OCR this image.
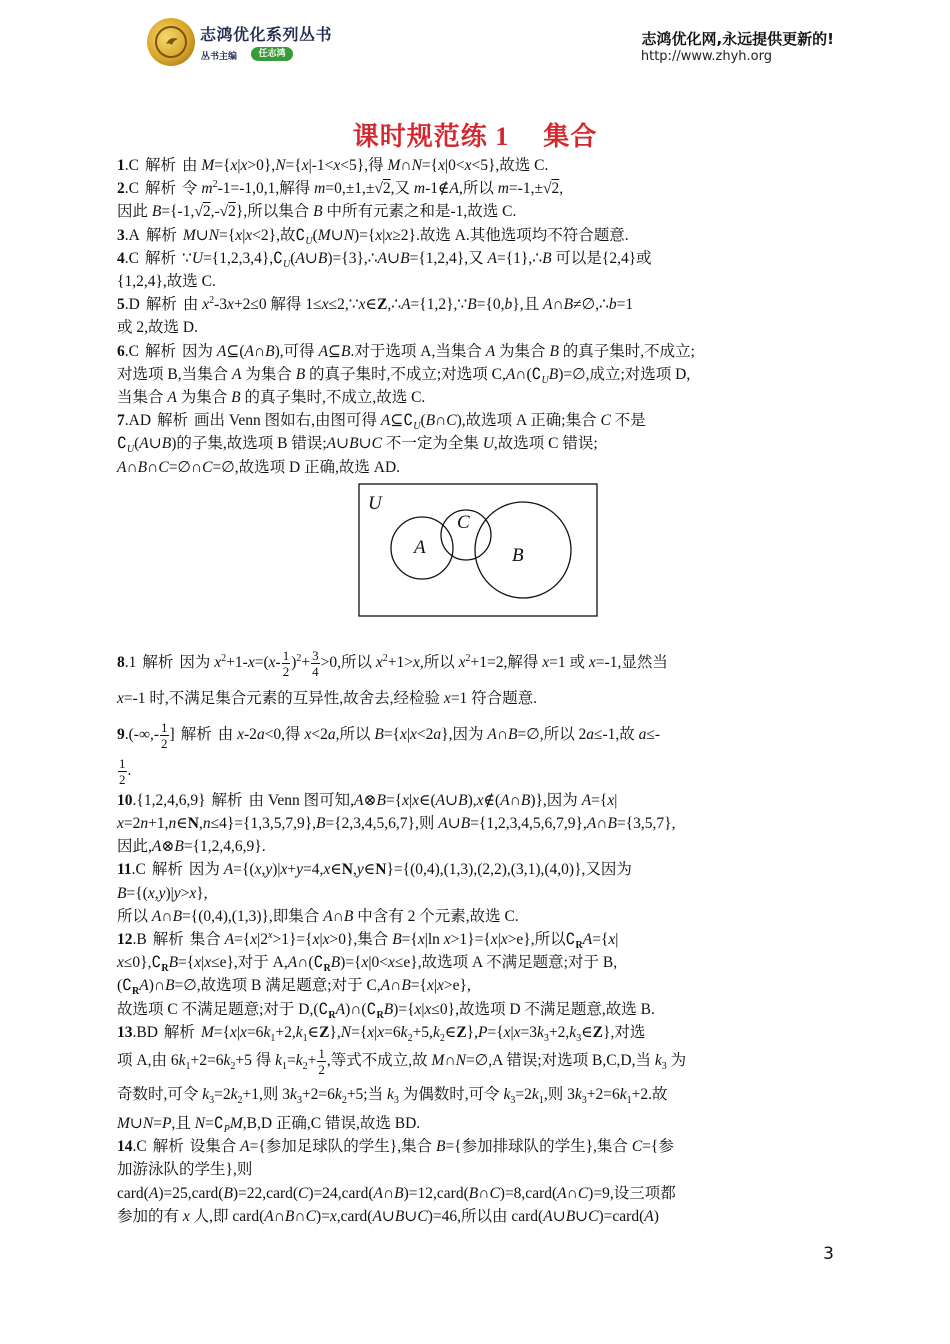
志鸿优化系列丛书
丛书主编	任志鸿
志鸿优化网,永远提供更新的!
http://www.zhyh.org
课时规范练 1 集合

1.C 解析 由 M={x|x>0},N={x|-1<x<5},得 M∩N={x|0<x<5},故选 C.

2.C 解析 令 $m^2-1=-1,0,1$,解得 m=0,±1,±√2,又 m-1∉A,所以 m=-1,±√2,
因此 B={-1,√2,-√2},所以集合 B 中所有元素之和是-1,故选 C.

3.A 解析 M∪N={x|x<2},故$∁_U(M\cup N)=\{x|x\ge 2\}$.故选 A.其他选项均不符合题意.

4.C 解析 $\because U=\{1,2,3,4\},∁_U(A\cup B)=\{3\},\therefore A\cup B=\{1,2,4\}$,又 A={1},∴B 可以是{2,4}或
{1,2,4},故选 C.

5.D 解析 由 $x^2-3x+2\le 0$ 解得 1≤x≤2,∵x∈Z,∴A={1,2},∵B={0,b},且 A∩B≠∅,∴b=1
或 2,故选 D.

6.C 解析 因为 A⊆(A∩B),可得 A⊆B.对于选项 A,当集合 A 为集合 B 的真子集时,不成立;
对选项 B,当集合 A 为集合 B 的真子集时,不成立;对选项 $C,A\cap(∁_UB)=\emptyset$,成立;对选项 D,
当集合 A 为集合 B 的真子集时,不成立,故选 C.

7.AD 解析 画出 Venn 图如右,由图可得 $A⊆∁_U(B\cap C)$,故选项 A 正确;集合 C 不是
$∁_U(A\cup B)$的子集,故选项 B 错误;A∪B∪C 不一定为全集 U,故选项 C 错误;
A∩B∩C=∅∩C=∅,故选项 D 正确,故选 AD.

U
A
C
B

8.1 解析 因为 $x^2+1-x=(x- \frac{1}{2} )^2+ \frac{3}{4} >0$,所以 $x^2+1>x$,所以 $x^2+1=2$,解得 x=1 或 x=-1,显然当
x=-1 时,不满足集合元素的互异性,故舍去,经检验 x=1 符合题意.

$9.(-\infty,- \frac{1}{2}$ ] 解析 由 x-2a<0,得 x<2a,所以 B={x|x<2a},因为 A∩B=∅,所以 2a≤-1,故 a≤-

$\frac{1}{2}$ .

10.{1,2,4,6,9} 解析 由 Venn 图可知,A⊗B={x|x∈(A∪B),x∉(A∩B)},因为 A={x|
x=2n+1,n∈N,n≤4}={1,3,5,7,9},B={2,3,4,5,6,7},则 A∪B={1,2,3,4,5,6,7,9},A∩B={3,5,7},
因此,A⊗B={1,2,4,6,9}.

11.C 解析 因为 A={(x,y)|x+y=4,x∈N,y∈N}={(0,4),(1,3),(2,2),(3,1),(4,0)},又因为
B={(x,y)|y>x},
所以 A∩B={(0,4),(1,3)},即集合 A∩B 中含有 2 个元素,故选 C.

12.B 解析 集合 $A=\{x|2^x>1\}=\{x|x>0\}$,集合 B={x|ln x>1}={x|x>e},所以$∁_RA=\{x|$
$x\le 0\},∁_RB=\{x|x\le e\}$,对于 $A,A\cap(∁_RB)=\{x|0<x\le e\}$,故选项 A 不满足题意;对于 B,
$(∁_RA)\cap B=\emptyset$,故选项 B 满足题意;对于 C,A∩B={x|x>e},
故选项 C 不满足题意;对于 $D,(∁_RA)\cap(∁_RB)=\{x|x\le 0\}$,故选项 D 不满足题意,故选 B.

13.BD 解析 $M=\{x|x=6k_1+2,k_1\in Z\},N=\{x|x=6k_2+5,k_2\in Z\},P=\{x|x=3k_3+2,k_3\in Z\}$,对选
项 A,由 $6k_1+2=6k_2+5$ 得 $k_1=k_2+ \frac{1}{2}$ ,等式不成立,故 M∩N=∅,A 错误;对选项 B,C,D,当 $k_3$ 为
奇数时,可令 $k_3=2k_2+1$,则 $3k_3+2=6k_2+5$;当 $k_3$ 为偶数时,可令 $k_3=2k_1$,则 $3k_3+2=6k_1+2$.故
M∪N=P,且 $N=∁_PM,B,D$ 正确,C 错误,故选 BD.

14.C 解析 设集合 A={参加足球队的学生},集合 B={参加排球队的学生},集合 C={参
加游泳队的学生},则
card(A)=25,card(B)=22,card(C)=24,card(A∩B)=12,card(B∩C)=8,card(A∩C)=9,设三项都
参加的有 x 人,即 card(A∩B∩C)=x,card(A∪B∪C)=46,所以由 card(A∪B∪C)=card(A)

3
